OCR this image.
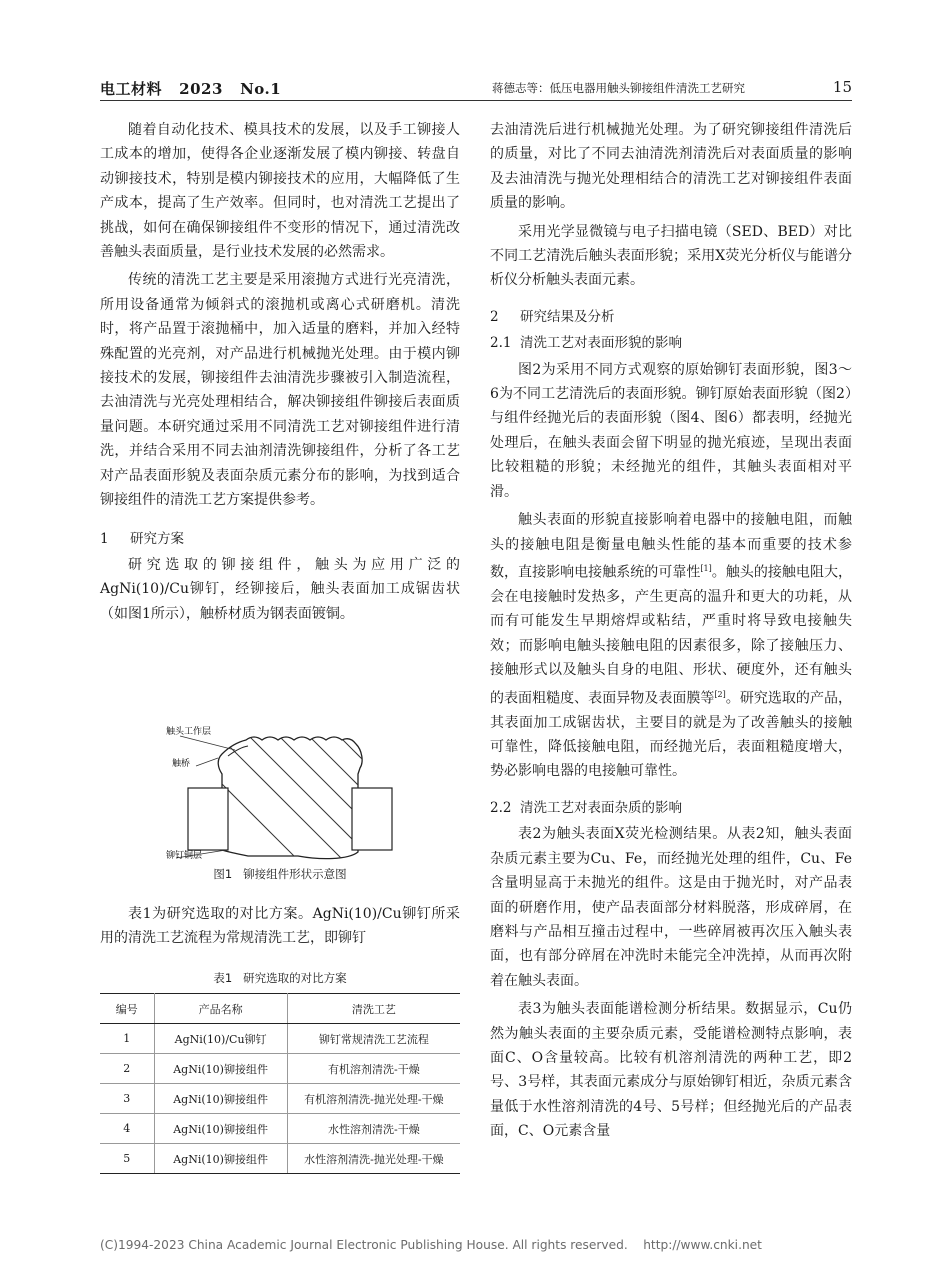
电工材料   2023   No.1	蒋德志等：低压电器用触头铆接组件清洗工艺研究	15

随着自动化技术、模具技术的发展，以及手工铆接人工成本的增加，使得各企业逐渐发展了模内铆接、转盘自动铆接技术，特别是模内铆接技术的应用，大幅降低了生产成本，提高了生产效率。但同时，也对清洗工艺提出了挑战，如何在确保铆接组件不变形的情况下，通过清洗改善触头表面质量，是行业技术发展的必然需求。

传统的清洗工艺主要是采用滚抛方式进行光亮清洗，所用设备通常为倾斜式的滚抛机或离心式研磨机。清洗时，将产品置于滚抛桶中，加入适量的磨料，并加入经特殊配置的光亮剂，对产品进行机械抛光处理。由于模内铆接技术的发展，铆接组件去油清洗步骤被引入制造流程，去油清洗与光亮处理相结合，解决铆接组件铆接后表面质量问题。本研究通过采用不同清洗工艺对铆接组件进行清洗，并结合采用不同去油剂清洗铆接组件，分析了各工艺对产品表面形貌及表面杂质元素分布的影响，为找到适合铆接组件的清洗工艺方案提供参考。

1 研究方案

研究选取的铆接组件，触头为应用广泛的AgNi(10)/Cu铆钉，经铆接后，触头表面加工成锯齿状（如图1所示），触桥材质为钢表面镀铜。

触头工作层
触桥
铆钉铜层
图1   铆接组件形状示意图

表1为研究选取的对比方案。AgNi(10)/Cu铆钉所采用的清洗工艺流程为常规清洗工艺，即铆钉

表1   研究选取的对比方案
编号	产品名称	清洗工艺
1	AgNi(10)/Cu铆钉	铆钉常规清洗工艺流程
2	AgNi(10)铆接组件	有机溶剂清洗-干燥
3	AgNi(10)铆接组件	有机溶剂清洗-抛光处理-干燥
4	AgNi(10)铆接组件	水性溶剂清洗-干燥
5	AgNi(10)铆接组件	水性溶剂清洗-抛光处理-干燥

去油清洗后进行机械抛光处理。为了研究铆接组件清洗后的质量，对比了不同去油清洗剂清洗后对表面质量的影响及去油清洗与抛光处理相结合的清洗工艺对铆接组件表面质量的影响。

采用光学显微镜与电子扫描电镜（SED、BED）对比不同工艺清洗后触头表面形貌；采用X荧光分析仪与能谱分析仪分析触头表面元素。

2 研究结果及分析
2.1 清洗工艺对表面形貌的影响

图2为采用不同方式观察的原始铆钉表面形貌，图3～6为不同工艺清洗后的表面形貌。铆钉原始表面形貌（图2）与组件经抛光后的表面形貌（图4、图6）都表明，经抛光处理后，在触头表面会留下明显的抛光痕迹，呈现出表面比较粗糙的形貌；未经抛光的组件，其触头表面相对平滑。

触头表面的形貌直接影响着电器中的接触电阻，而触头的接触电阻是衡量电触头性能的基本而重要的技术参数，直接影响电接触系统的可靠性[1]。触头的接触电阻大，会在电接触时发热多，产生更高的温升和更大的功耗，从而有可能发生早期熔焊或粘结，严重时将导致电接触失效；而影响电触头接触电阻的因素很多，除了接触压力、接触形式以及触头自身的电阻、形状、硬度外，还有触头的表面粗糙度、表面异物及表面膜等[2]。研究选取的产品，其表面加工成锯齿状，主要目的就是为了改善触头的接触可靠性，降低接触电阻，而经抛光后，表面粗糙度增大，势必影响电器的电接触可靠性。

2.2 清洗工艺对表面杂质的影响

表2为触头表面X荧光检测结果。从表2知，触头表面杂质元素主要为Cu、Fe，而经抛光处理的组件，Cu、Fe含量明显高于未抛光的组件。这是由于抛光时，对产品表面的研磨作用，使产品表面部分材料脱落，形成碎屑，在磨料与产品相互撞击过程中，一些碎屑被再次压入触头表面，也有部分碎屑在冲洗时未能完全冲洗掉，从而再次附着在触头表面。

表3为触头表面能谱检测分析结果。数据显示，Cu仍然为触头表面的主要杂质元素，受能谱检测特点影响，表面C、O含量较高。比较有机溶剂清洗的两种工艺，即2号、3号样，其表面元素成分与原始铆钉相近，杂质元素含量低于水性溶剂清洗的4号、5号样；但经抛光后的产品表面，C、O元素含量

(C)1994-2023 China Academic Journal Electronic Publishing House. All rights reserved.    http://www.cnki.net
